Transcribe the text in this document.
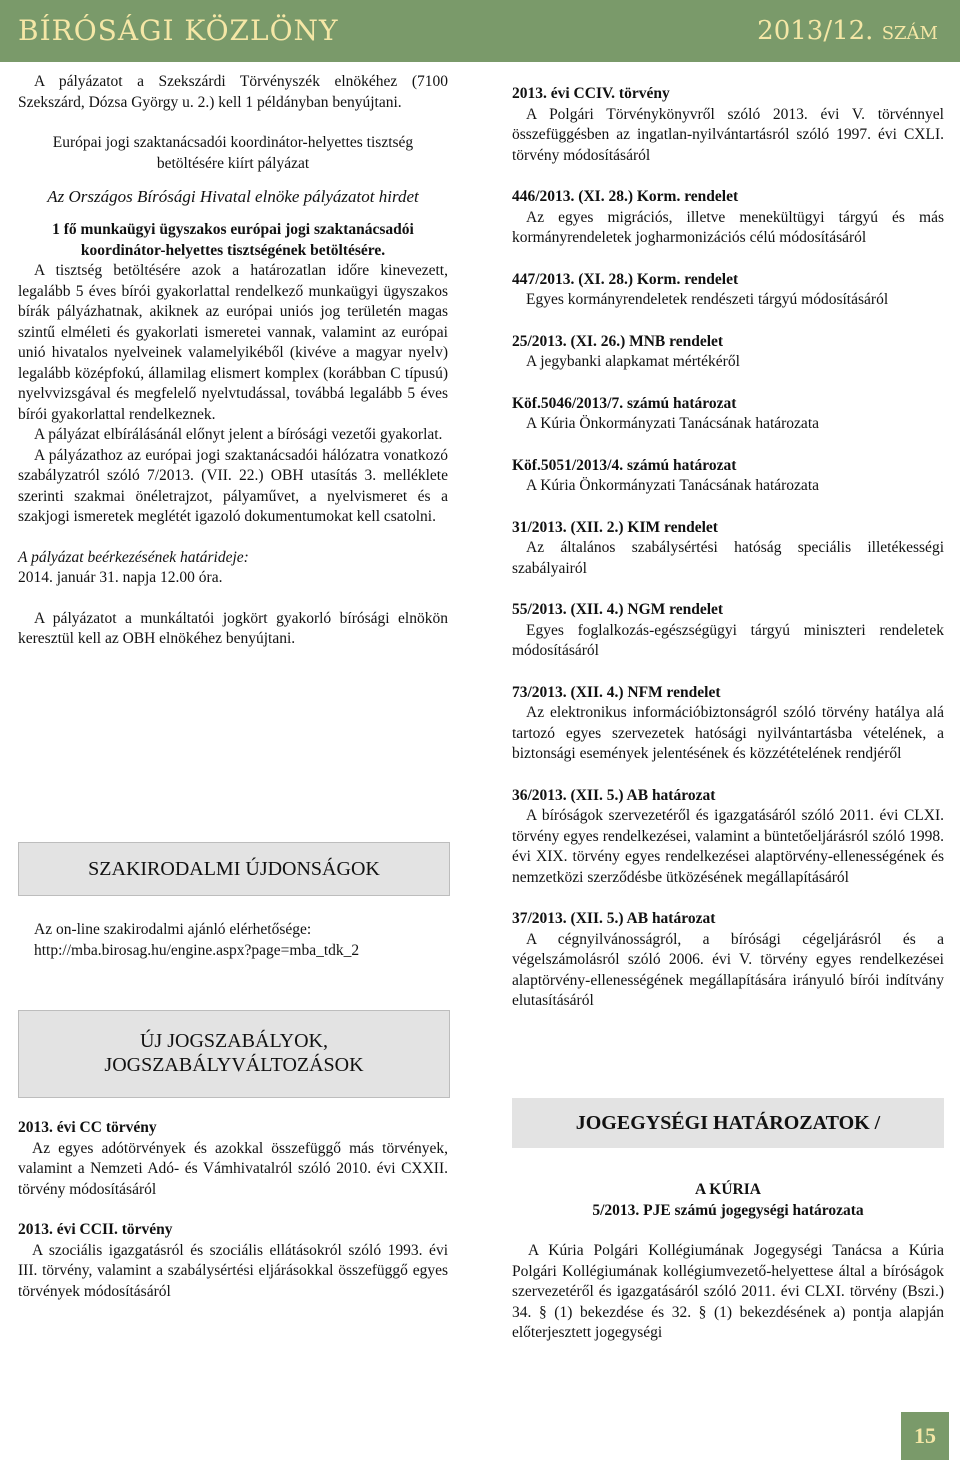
BÍRÓSÁGI KÖZLÖNY	2013/12. SZÁM

A pályázatot a Szekszárdi Törvényszék elnökéhez (7100 Szekszárd, Dózsa György u. 2.) kell 1 példányban benyújtani.

Európai jogi szaktanácsadói koordinátor-helyettes tisztség betöltésére kiírt pályázat

Az Országos Bírósági Hivatal elnöke pályázatot hirdet

1 fő munkaügyi ügyszakos európai jogi szaktanácsadói koordinátor-helyettes tisztségének betöltésére.

A tisztség betöltésére azok a határozatlan időre kinevezett, legalább 5 éves bírói gyakorlattal rendelkező munkaügyi ügyszakos bírák pályázhatnak, akiknek az európai uniós jog területén magas szintű elméleti és gyakorlati ismeretei vannak, valamint az európai unió hivatalos nyelveinek valamelyikéből (kivéve a magyar nyelv) legalább középfokú, államilag elismert komplex (korábban C típusú) nyelvvizsgával és megfelelő nyelvtudással, továbbá legalább 5 éves bírói gyakorlattal rendelkeznek.

A pályázat elbírálásánál előnyt jelent a bírósági vezetői gyakorlat.

A pályázathoz az európai jogi szaktanácsadói hálózatra vonatkozó szabályzatról szóló 7/2013. (VII. 22.) OBH utasítás 3. melléklete szerinti szakmai önéletrajzot, pályaművet, a nyelvismeret és a szakjogi ismeretek meglétét igazoló dokumentumokat kell csatolni.

A pályázat beérkezésének határideje:

2014. január 31. napja 12.00 óra.

A pályázatot a munkáltatói jogkört gyakorló bírósági elnökön keresztül kell az OBH elnökéhez benyújtani.

SZAKIRODALMI ÚJDONSÁGOK

Az on-line szakirodalmi ajánló elérhetősége:

http://mba.birosag.hu/engine.aspx?page=mba_tdk_2

ÚJ JOGSZABÁLYOK,
JOGSZABÁLYVÁLTOZÁSOK

2013. évi CC törvény

Az egyes adótörvények és azokkal összefüggő más törvények, valamint a Nemzeti Adó- és Vámhivatalról szóló 2010. évi CXXII. törvény módosításáról

2013. évi CCII. törvény

A szociális igazgatásról és szociális ellátásokról szóló 1993. évi III. törvény, valamint a szabálysértési eljárásokkal összefüggő egyes törvények módosításáról

2013. évi CCIV. törvény

A Polgári Törvénykönyvről szóló 2013. évi V. törvénnyel összefüggésben az ingatlan-nyilvántartásról szóló 1997. évi CXLI. törvény módosításáról

446/2013. (XI. 28.) Korm. rendelet

Az egyes migrációs, illetve menekültügyi tárgyú és más kormányrendeletek jogharmonizációs célú módosításáról

447/2013. (XI. 28.) Korm. rendelet

Egyes kormányrendeletek rendészeti tárgyú módosításáról

25/2013. (XI. 26.) MNB rendelet

A jegybanki alapkamat mértékéről

Köf.5046/2013/7. számú határozat

A Kúria Önkormányzati Tanácsának határozata

Köf.5051/2013/4. számú határozat

A Kúria Önkormányzati Tanácsának határozata

31/2013. (XII. 2.) KIM rendelet

Az általános szabálysértési hatóság speciális illetékességi szabályairól

55/2013. (XII. 4.) NGM rendelet

Egyes foglalkozás-egészségügyi tárgyú miniszteri rendeletek módosításáról

73/2013. (XII. 4.) NFM rendelet

Az elektronikus információbiztonságról szóló törvény hatálya alá tartozó egyes szervezetek hatósági nyilvántartásba vételének, a biztonsági események jelentésének és közzétételének rendjéről

36/2013. (XII. 5.) AB határozat

A bíróságok szervezetéről és igazgatásáról szóló 2011. évi CLXI. törvény egyes rendelkezései, valamint a büntetőeljárásról szóló 1998. évi XIX. törvény egyes rendelkezései alaptörvény-ellenességének és nemzetközi szerződésbe ütközésének megállapításáról

37/2013. (XII. 5.) AB határozat

A cégnyilvánosságról, a bírósági cégeljárásról és a végelszámolásról szóló 2006. évi V. törvény egyes rendelkezései alaptörvény-ellenességének megállapítására irányuló bírói indítvány elutasításáról

JOGEGYSÉGI HATÁROZATOK /

A KÚRIA

5/2013. PJE számú jogegységi határozata

A Kúria Polgári Kollégiumának Jogegységi Tanácsa a Kúria Polgári Kollégiumának kollégiumvezető-helyettese által a bíróságok szervezetéről és igazgatásáról szóló 2011. évi CLXI. törvény (Bszi.) 34. § (1) bekezdése és 32. § (1) bekezdésének a) pontja alapján előterjesztett jogegységi

15
